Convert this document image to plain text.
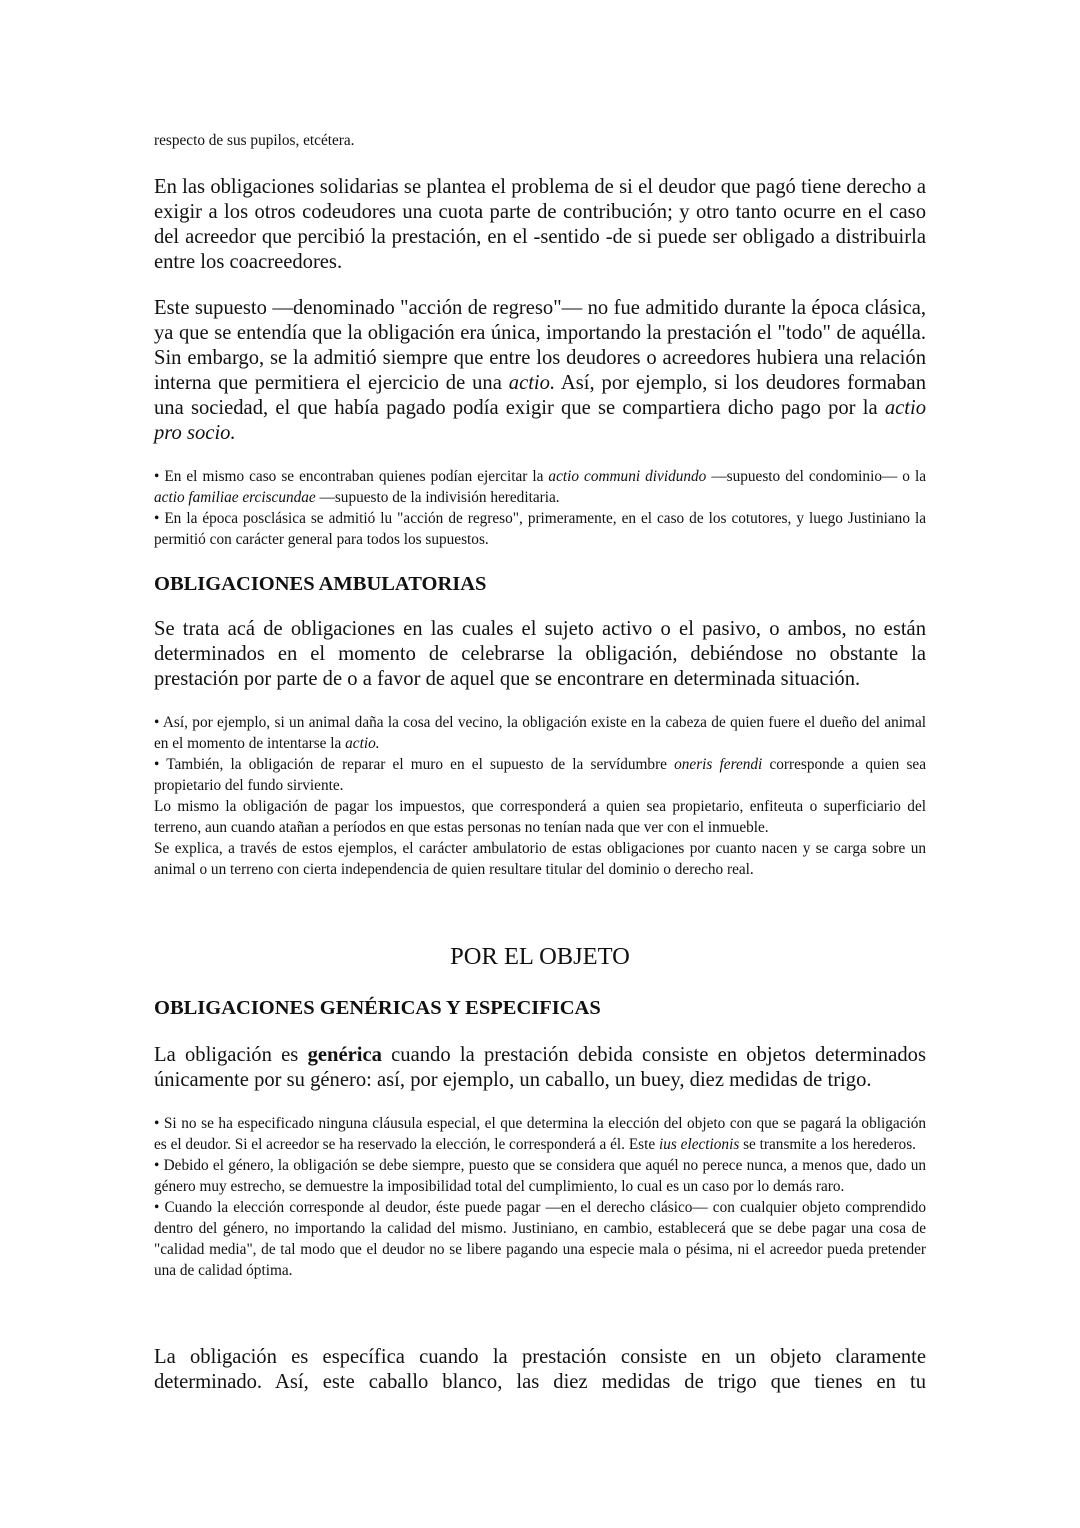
respecto de sus pupilos, etcétera.

En las obligaciones solidarias se plantea el problema de si el deudor que pagó tiene derecho a exigir a los otros codeudores una cuota parte de contribución; y otro tanto ocurre en el caso del acreedor que percibió la prestación, en el -sentido -de si puede ser obligado a distribuirla entre los coacreedores.

Este supuesto —denominado "acción de regreso"— no fue admitido durante la época clásica, ya que se entendía que la obligación era única, importando la prestación el "todo" de aquélla. Sin embargo, se la admitió siempre que entre los deudores o acreedores hubiera una relación interna que permitiera el ejercicio de una actio. Así, por ejemplo, si los deudores formaban una sociedad, el que había pagado podía exigir que se compartiera dicho pago por la actio pro socio.

• En el mismo caso se encontraban quienes podían ejercitar la actio communi dividundo —supuesto del condominio— o la actio familiae erciscundae —supuesto de la indivisión hereditaria.

• En la época posclásica se admitió lu "acción de regreso", primeramente, en el caso de los cotutores, y luego Justiniano la permitió con carácter general para todos los supuestos.

OBLIGACIONES AMBULATORIAS

Se trata acá de obligaciones en las cuales el sujeto activo o el pasivo, o ambos, no están determinados en el momento de celebrarse la obligación, debiéndose no obstante la prestación por parte de o a favor de aquel que se encontrare en determinada situación.

• Así, por ejemplo, si un animal daña la cosa del vecino, la obligación existe en la cabeza de quien fuere el dueño del animal en el momento de intentarse la actio.

• También, la obligación de reparar el muro en el supuesto de la servídumbre oneris ferendi corresponde a quien sea propietario del fundo sirviente.

Lo mismo la obligación de pagar los impuestos, que corresponderá a quien sea propietario, enfiteuta o superficiario del terreno, aun cuando atañan a períodos en que estas personas no tenían nada que ver con el inmueble.

Se explica, a través de estos ejemplos, el carácter ambulatorio de estas obligaciones por cuanto nacen y se carga sobre un animal o un terreno con cierta independencia de quien resultare titular del dominio o derecho real.

POR EL OBJETO
OBLIGACIONES GENÉRICAS Y ESPECIFICAS

La obligación es genérica cuando la prestación debida consiste en objetos determinados únicamente por su género: así, por ejemplo, un caballo, un buey, diez medidas de trigo.

• Si no se ha especificado ninguna cláusula especial, el que determina la elección del objeto con que se pagará la obligación es el deudor. Si el acreedor se ha reservado la elección, le corresponderá a él. Este ius electionis se transmite a los herederos.

• Debido el género, la obligación se debe siempre, puesto que se considera que aquél no perece nunca, a menos que, dado un género muy estrecho, se demuestre la imposibilidad total del cumplimiento, lo cual es un caso por lo demás raro.

• Cuando la elección corresponde al deudor, éste puede pagar —en el derecho clásico— con cualquier objeto comprendido dentro del género, no importando la calidad del mismo. Justiniano, en cambio, establecerá que se debe pagar una cosa de "calidad media", de tal modo que el deudor no se libere pagando una especie mala o pésima, ni el acreedor pueda pretender una de calidad óptima.

La obligación es específica cuando la prestación consiste en un objeto claramente determinado. Así, este caballo blanco, las diez medidas de trigo que tienes en tu
